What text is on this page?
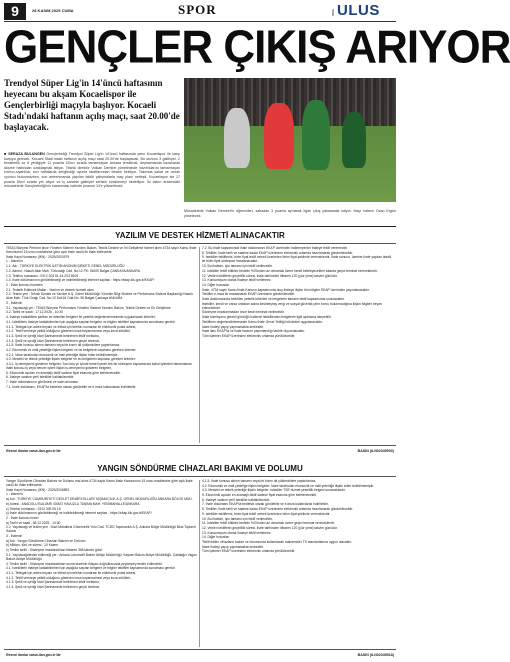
9	28 KASIM 2025 CUMA	SPOR	YENİ ULUS
GENÇLER ÇIKIŞ ARIYOR
Trendyol Süper Lig'in 14'üncü haftasının heyecanı bu akşam Kocaelispor ile Gençlerbirliği maçıyla başlıyor. Kocaeli Stadı'ndaki haftanın açılış maçı, saat 20.00'de başlayacak.
■ SERAZA BULUNGEN Gençlerbirliği Trendyol Süper Lig'in 14'üncü haftasında yarın Kocaelispor ile karşı karşıya gelecek. Kocaeli Stadı'ndaki haftanın açılış maçı saat 20.00'de başlayacak. Bu sezonu 3 galibiyet, 2 beraberlik ve 8 yenilgiyle 11 puanla 16'ncı sırada tamamlayan Ankara temsilcisi, deplasmanda kazanarak düşme hattından uzaklaşmak istiyor. Teknik direktör Volkan Demirel yönetiminde hazırlıklarını tamamlayan kırmızı-siyahlılar, son haftalarda sergilediği oyunla taraftarından destek bekliyor. Takımda sakat ve cezalı oyuncu bulunmazken, son antrenmanda yapılan taktik çalışmalarla maç planı netleşti. Kocaelispor ise 17 puanla 8'inci sırada yer alıyor ve iç sahada galibiyet serisini sürdürmeyi hedefliyor. İki takım arasındaki mücadelede Gençlerbirliği'nin kazanması halinde puanını 14'e yükseltecek.
Mücadelede Volkan Demirel'in öğrencileri, sahadan 3 puanla ayrılarak ligde çıkış yakalamak istiyor. Maçı hakem Ozan Ergün yönetecek.
YAZILIM VE DESTEK HİZMETİ ALINACAKTIR

TEİAŞ Bünyesi Perform ance Yönetim Sistemi Yazılımı Bakım, Teknik Destek ve İhi Geliştirme hizmet alımı 4734 sayılı Kamu İhale Kanununun 19 uncu maddesine göre açık ihale usulü ile ihale edilecektir.

İhale Kayıt Numarası (İKN) : 2025/2003979

1 - İdarenin

1.1. Adı : TÜRKİYE ELEKTRİK İLETİM ANONİM ŞİRKETİ GENEL MÜDÜRLÜĞÜ

1.2. Adresi : Nasuh Akar Mah. Türkocağı Cad. No:12 PK: 06100 Balgat ÇANKAYA/ANKARA

1.3. Telefon numarası : 0312 203 81 44-203 8409

1.4. İhale dokümanının görülebileceği ve indirilebileceği internet sayfası : https://ekap.kik.gov.tr/EKAP/

2 - İhale konusu hizmetin

2.1. Tedarik Edilecek Mallar : Yazılım ve destek hizmeti alımı

2.2. Teslim yeri : Teknik Destek ve Yazılım A.Ş. Genel Müdürlüğü Yönetim Bilgi Sistemi ve Performans Sistemi Başkanlığı Nasuh Akar Mah. Türk Ocağı Cad. No:12 Kat:16 Oda No: 98 Balgat Çankaya ANKARA

3 - İhalenin

3.1. Yapılacağı yer : TEİAŞ Bünyesi Performans Yönetim Sistemi Yazılımı Bakım, Teknik Destek ve Ek Geliştirme

3.2. Tarihi ve saati : 17.12.2025 - 10:30

4. İhaleye katılabilme şartları ve istenilen belgeler ile yeterlik değerlendirmesinde uygulanacak kriterler:

4.1. İsteklilerin ihaleye katılabilmeleri için aşağıda sayılan belgeler ve bilgiler teklifleri kapsamında sunulması gerekir.

4.1.1. Tebligat için adres beyanı ve irtibat için telefon numarası ile elektronik posta adresi,

4.1.2. Teklif vermeye yetkili olduğunu gösteren imza beyannamesi veya imza sirküleri,

4.1.3. Şekli ve içeriği İdari Şartnamede belirlenen teklif mektubu,

4.1.4. Şekli ve içeriği İdari Şartnamede belirlenen geçici teminat,

4.1.5. İhale konusu alımın tamamı veya bir kısmı alt yüklenicilere yaptırılamaz.

4.2. Ekonomik ve mali yeterliğe ilişkin belgeler ve bu belgelerin taşıması gereken kriterler:

4.2.1. İdare tarafından ekonomik ve mali yeterliğe ilişkin kriter belirtilmemiştir.

4.3. Mesleki ve teknik yeterliğe ilişkin belgeler ve bu belgelerin taşıması gereken kriterler:

4.3.1. İş deneyimini gösteren belgeler: Son beş yıl içinde bedel içeren tek bir sözleşme kapsamında kabul işlemleri tamamlanan ihale konusu iş veya benzer işlere ilişkin iş deneyimini gösteren belgeler,

5. Ekonomik açıdan en avantajlı teklif sadece fiyat esasına göre belirlenecektir.

6. İhaleye sadece yerli istekliler katılabilecektir.

7. İhale dokümanının görülmesi ve satın alınması:

7.1. İhale dokümanı, EKAP'ta bedelsiz olarak görülebilir ve e-imza kullanılarak indirilebilir.

7.2. Bu ihale kapsamında ihale dokümanını EKAP üzerinden indirmeyenler ihaleye teklif veremezler.

8. Teklifler, ihale tarih ve saatine kadar EKAP üzerinden elektronik ortamda hazırlanarak gönderilecektir.

9. İstekliler tekliflerini, birim fiyat teklif cetveli üzerinden birim fiyat şeklinde vereceklerdir. İhale sonucu, üzerine ihale yapılan istekli ile birim fiyat sözleşme imzalanacaktır.

10. Bu ihalede, işin tamamı için teklif verilecektir.

11. İstekliler teklif ettikleri bedelin %3'ünden az olmamak üzere kendi belirleyecekleri tutarda geçici teminat vereceklerdir.

12. Verilen tekliflerin geçerlilik süresi, ihale tarihinden itibaren 120 (yüz yirmi) takvim günüdür.

13. Konsorsiyum olarak ihaleye teklif verilemez.

14. Diğer hususlar:

İhale, 4734 sayılı Kamu İhale Kanunu kapsamında olup ihaleye ilişkin tüm bilgiler EKAP üzerinden yayımlanacaktır.

Teklifler e-imza ile imzalanarak EKAP üzerinden gönderilecektir.

İhale dokümanında belirtilen yeterlik kriterleri ve belgelerin tamamı teklif kapsamında sunulacaktır.

İstekliler, kendi ve varsa ortakları adına kesinleşmiş vergi ve sosyal güvenlik prim borcu bulunmadığına ilişkin bilgileri beyan edeceklerdir.

Sözleşme imzalanmadan önce kesin teminat verilecektir.

İhale komisyonu gerekli gördüğü hallerde isteklilerden belgelerle ilgili açıklama isteyebilir.

Tekliflerin değerlendirilmesinde Kamu İhale Genel Tebliği hükümleri uygulanacaktır.

İdare ihaleyi yapıp yapmamakta serbesttir.

İhale ilanı EKAP'ta ve ihale ilanının yayımlandığı tarihte duyurulacaktır.

Tüm işlemler EKAP üzerinden elektronik ortamda yürütülecektir.

Resmi ilanlar www.ilan.gov.tr'de	BASIN (ILN02345900)
YANGIN SÖNDÜRME CİHAZLARI BAKIMI VE DOLUMU

Yangın Söndürme Cihazları Bakımı ve Dolumu mal alımı 4734 sayılı Kamu İhale Kanununun 19 uncu maddesine göre açık ihale usulü ile ihale edilecektir.

İhale Kayıt Numarası (İKN) : 2025/2036892

1 - İdarenin

a) Adı : TÜRKİYE CUMHURİYETİ DEVLET DEMİRYOLLARI TAŞIMACILIK A.Ş. GENEL MÜDÜRLÜĞÜ ANKARA BÖLGE MÜD.

b) Adresi : ANADOLU BULVARI GİMAT HAVUZLU TAŞIMA MAH. YENİMAHALLE/ANKARA

c) Telefon numarası : 0312 309 05 15

ç) İhale dokümanının görülebileceği ve indirilebileceği internet sayfası : https://ekap.kik.gov.tr/EKAP/

2 - İhale konusu malın

a) Tarihi ve saati : 08.12.2025 - 10:30

2.2. Yapılacağı ve teslim yeri : Gazi Mahallesi Güvercinlik Yolu Cad. TCDD Taşımacılık A.Ş. Ankara Bölge Müdürlüğü Bina Toplantı Salonu

3 - İhalenin

a) Adı : Yangın Söndürme Cihazları Bakımı ve Dolumu

b) Miktarı, türü ve süresi : 10 Kalem

c) Teslim tarihi : Sözleşme imzalandıktan itibaren 365 takvim günü

3.1. Yapılacağı/teslim edileceği yer : Ankara Lokomotif Bakım Atölye Müdürlüğü, Kayseri Bakım Atölye Müdürlüğü, Çatalağzı Vagon Bakım Atölye Müdürlüğü

4. Teslim tarihi : Sözleşme imzalandıktan sonra idarenin ihtiyacı doğrultusunda peyderpey teslim edilecektir.

4.1. İsteklilerin ihaleye katılabilmeleri için aşağıda sayılan belgeler ve bilgiler teklifleri kapsamında sunulması gerekir.

4.1.1. Tebligat için adres beyanı ve irtibat için telefon numarası ile elektronik posta adresi,

4.1.2. Teklif vermeye yetkili olduğunu gösteren imza beyannamesi veya imza sirküleri,

4.1.3. Şekli ve içeriği İdari Şartnamede belirlenen teklif mektubu,

4.1.4. Şekli ve içeriği İdari Şartnamede belirlenen geçici teminat.

4.1.5. İhale konusu alımın tamamı veya bir kısmı alt yüklenicilere yaptırılamaz.

4.2. Ekonomik ve mali yeterliğe ilişkin belgeler: İdare tarafından ekonomik ve mali yeterliğe ilişkin kriter belirtilmemiştir.

4.3. Mesleki ve teknik yeterliğe ilişkin belgeler: İstekliler TSE hizmet yeterlilik belgesi sunacaklardır.

5. Ekonomik açıdan en avantajlı teklif sadece fiyat esasına göre belirlenecektir.

6. İhaleye sadece yerli istekliler katılabilecektir.

7. İhale dokümanı EKAP'ta bedelsiz olarak görülebilir ve e-imza kullanılarak indirilebilir.

8. Teklifler, ihale tarih ve saatine kadar EKAP üzerinden elektronik ortamda hazırlanarak gönderilecektir.

9. İstekliler tekliflerini, birim fiyat teklif cetveli üzerinden birim fiyat şeklinde vereceklerdir.

10. Bu ihalede, işin tamamı için teklif verilecektir.

11. İstekliler teklif ettikleri bedelin %3'ünden az olmamak üzere geçici teminat vereceklerdir.

12. Verilen tekliflerin geçerlilik süresi, ihale tarihinden itibaren 120 (yüz yirmi) takvim günüdür.

13. Konsorsiyum olarak ihaleye teklif verilemez.

14. Diğer hususlar:

Teklif edilen cihazların bakım ve dolumunda kullanılacak malzemeler TS standartlarına uygun olacaktır.

İdare ihaleyi yapıp yapmamakta serbesttir.

Tüm işlemler EKAP üzerinden elektronik ortamda yürütülecektir.

Resmi ilanlar www.ilan.gov.tr'de	BASIN (ILN02345918)
